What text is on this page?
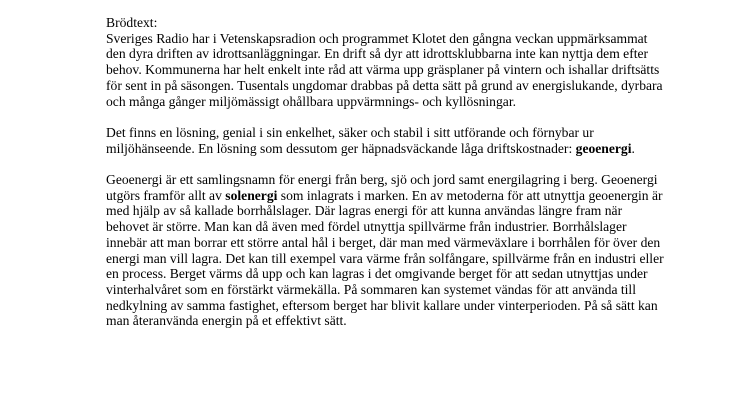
Brödtext:

Sveriges Radio har i Vetenskapsradion och programmet Klotet den gångna veckan uppmärksammat den dyra driften av idrottsanläggningar. En drift så dyr att idrottsklubbarna inte kan nyttja dem efter behov. Kommunerna har helt enkelt inte råd att värma upp gräsplaner på vintern och ishallar driftsätts för sent in på säsongen. Tusentals ungdomar drabbas på detta sätt på grund av energislukande, dyrbara och många gånger miljömässigt ohållbara uppvärmnings- och kyllösningar.

Det finns en lösning, genial i sin enkelhet, säker och stabil i sitt utförande och förnybar ur miljöhänseende. En lösning som dessutom ger häpnadsväckande låga driftskostnader: geoenergi.

Geoenergi är ett samlingsnamn för energi från berg, sjö och jord samt energilagring i berg. Geoenergi utgörs framför allt av solenergi som inlagrats i marken. En av metoderna för att utnyttja geoenergin är med hjälp av så kallade borrhålslager. Där lagras energi för att kunna användas längre fram när behovet är större. Man kan då även med fördel utnyttja spillvärme från industrier. Borrhålslager innebär att man borrar ett större antal hål i berget, där man med värmeväxlare i borrhålen för över den energi man vill lagra. Det kan till exempel vara värme från solfångare, spillvärme från en industri eller en process. Berget värms då upp och kan lagras i det omgivande berget för att sedan utnyttjas under vinterhalvåret som en förstärkt värmekälla. På sommaren kan systemet vändas för att använda till nedkylning av samma fastighet, eftersom berget har blivit kallare under vinterperioden. På så sätt kan man återanvända energin på et effektivt sätt.
